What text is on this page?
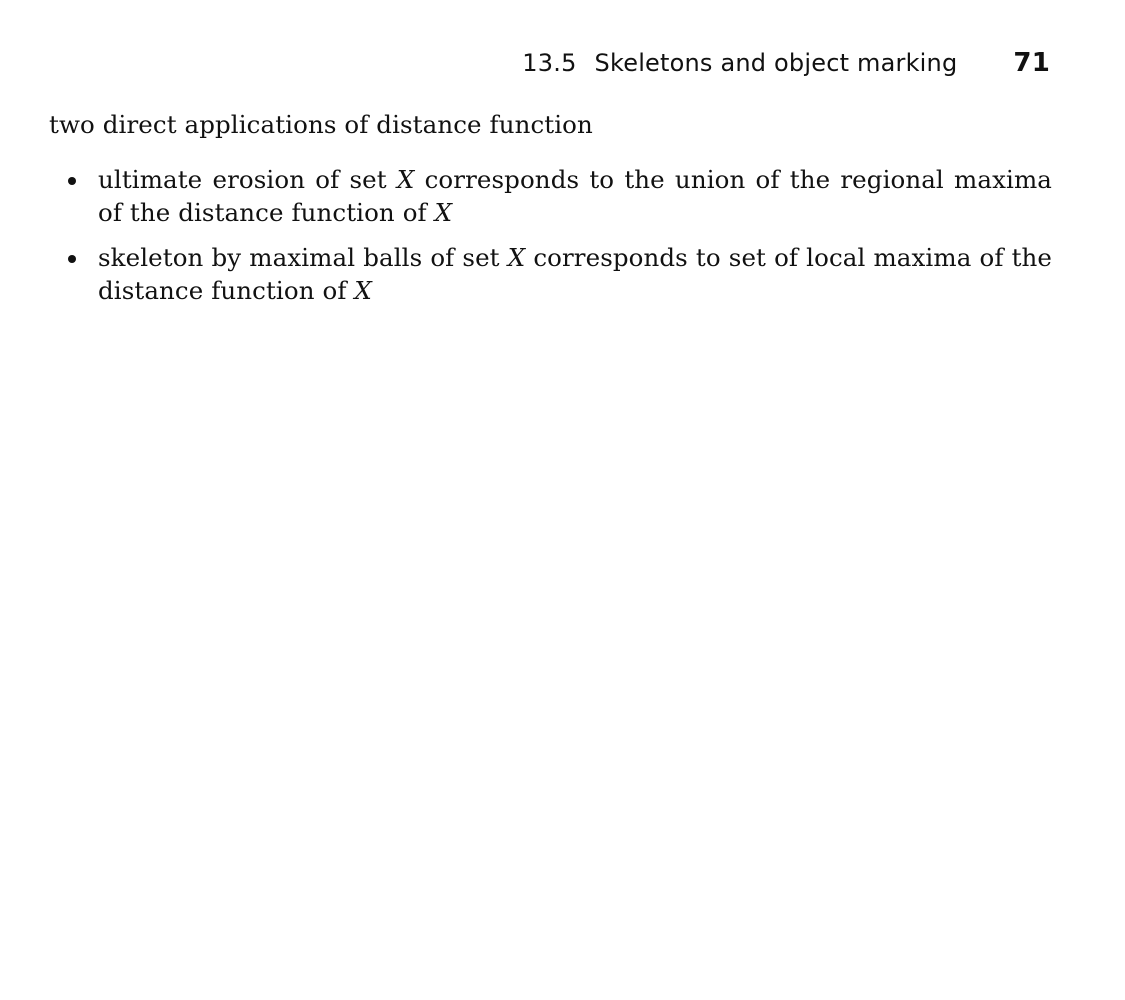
13.5 Skeletons and object marking 71

two direct applications of distance function

ultimate erosion of set X corresponds to the union of the regional maxima of the distance function of X
skeleton by maximal balls of set X corresponds to set of local maxima of the distance function of X
